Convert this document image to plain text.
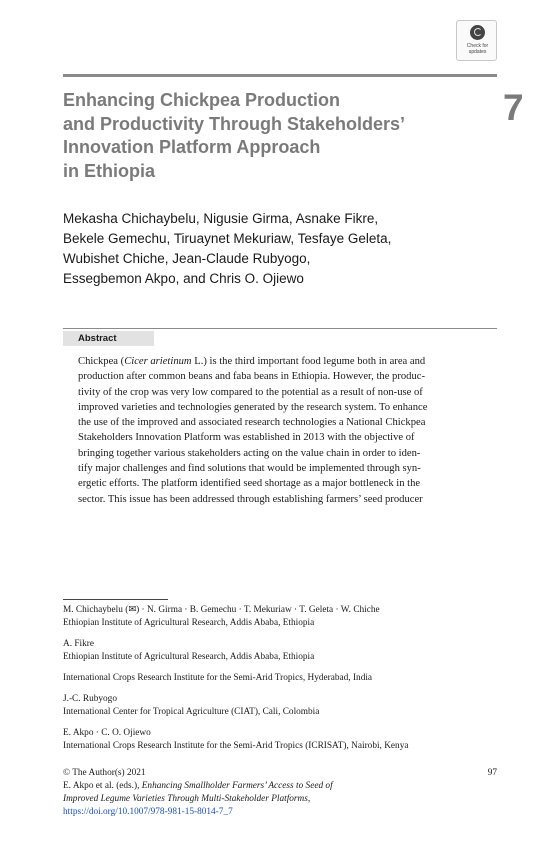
Check for
updates
Enhancing Chickpea Production
and Productivity Through Stakeholders’
Innovation Platform Approach
in Ethiopia
7
Mekasha Chichaybelu, Nigusie Girma, Asnake Fikre,
Bekele Gemechu, Tiruaynet Mekuriaw, Tesfaye Geleta,
Wubishet Chiche, Jean-Claude Rubyogo,
Essegbemon Akpo, and Chris O. Ojiewo
Abstract
Chickpea (Cicer arietinum L.) is the third important food legume both in area and
production after common beans and faba beans in Ethiopia. However, the produc-
tivity of the crop was very low compared to the potential as a result of non-use of
improved varieties and technologies generated by the research system. To enhance
the use of the improved and associated research technologies a National Chickpea
Stakeholders Innovation Platform was established in 2013 with the objective of
bringing together various stakeholders acting on the value chain in order to iden-
tify major challenges and find solutions that would be implemented through syn-
ergetic efforts. The platform identified seed shortage as a major bottleneck in the
sector. This issue has been addressed through establishing farmers’ seed producer
M. Chichaybelu (✉) · N. Girma · B. Gemechu · T. Mekuriaw · T. Geleta · W. Chiche
Ethiopian Institute of Agricultural Research, Addis Ababa, Ethiopia
A. Fikre
Ethiopian Institute of Agricultural Research, Addis Ababa, Ethiopia
International Crops Research Institute for the Semi-Arid Tropics, Hyderabad, India
J.-C. Rubyogo
International Center for Tropical Agriculture (CIAT), Cali, Colombia
E. Akpo · C. O. Ojiewo
International Crops Research Institute for the Semi-Arid Tropics (ICRISAT), Nairobi, Kenya
© The Author(s) 2021
E. Akpo et al. (eds.), Enhancing Smallholder Farmers’ Access to Seed of
Improved Legume Varieties Through Multi-Stakeholder Platforms,
https://doi.org/10.1007/978-981-15-8014-7_7
97
